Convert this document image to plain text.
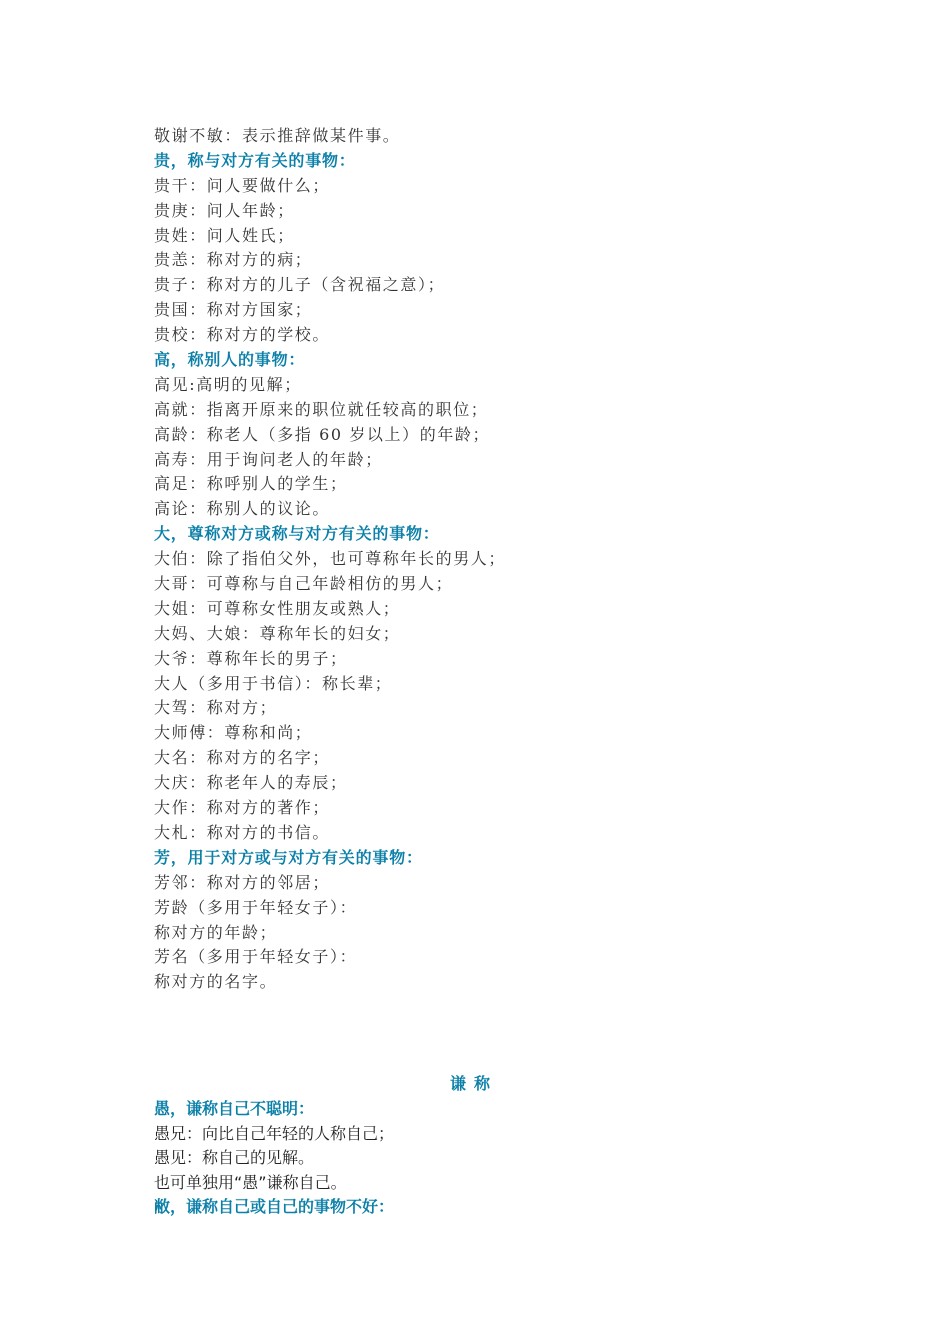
敬谢不敏：表示推辞做某件事。
贵，称与对方有关的事物：
贵干：问人要做什么；
贵庚：问人年龄；
贵姓：问人姓氏；
贵恙：称对方的病；
贵子：称对方的儿子（含祝福之意）；
贵国：称对方国家；
贵校：称对方的学校。
高，称别人的事物：
高见:高明的见解；
高就：指离开原来的职位就任较高的职位；
高龄：称老人（多指 60 岁以上）的年龄；
高寿：用于询问老人的年龄；
高足：称呼别人的学生；
高论：称别人的议论。
大，尊称对方或称与对方有关的事物：
大伯：除了指伯父外，也可尊称年长的男人；
大哥：可尊称与自己年龄相仿的男人；
大姐：可尊称女性朋友或熟人；
大妈、大娘：尊称年长的妇女；
大爷：尊称年长的男子；
大人（多用于书信）：称长辈；
大驾：称对方；
大师傅：尊称和尚；
大名：称对方的名字；
大庆：称老年人的寿辰；
大作：称对方的著作；
大札：称对方的书信。
芳，用于对方或与对方有关的事物：
芳邻：称对方的邻居；
芳龄（多用于年轻女子）：
称对方的年龄；
芳名（多用于年轻女子）：
称对方的名字。
谦称
愚，谦称自己不聪明：
愚兄：向比自己年轻的人称自己；
愚见：称自己的见解。
也可单独用“愚”谦称自己。
敝，谦称自己或自己的事物不好：
